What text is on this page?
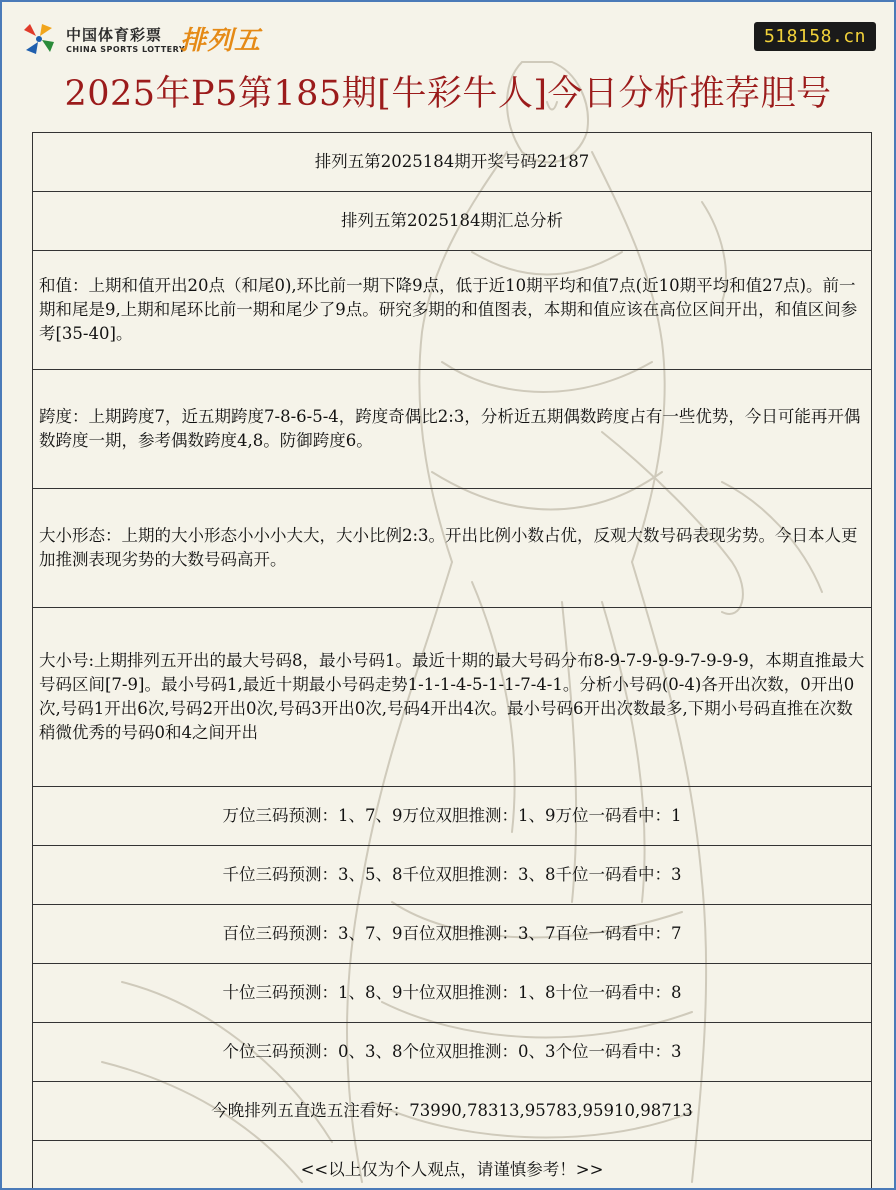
中国体育彩票
CHINA SPORTS LOTTERY
排列五	518158.cn
2025年P5第185期[牛彩牛人]今日分析推荐胆号
排列五第2025184期开奖号码22187
排列五第2025184期汇总分析
和值：上期和值开出20点（和尾0),环比前一期下降9点，低于近10期平均和值7点(近10期平均和值27点)。前一期和尾是9,上期和尾环比前一期和尾少了9点。研究多期的和值图表，本期和值应该在高位区间开出，和值区间参考[35-40]。
跨度：上期跨度7，近五期跨度7-8-6-5-4，跨度奇偶比2:3，分析近五期偶数跨度占有一些优势，今日可能再开偶数跨度一期，参考偶数跨度4,8。防御跨度6。
大小形态：上期的大小形态小小小大大，大小比例2:3。开出比例小数占优，反观大数号码表现劣势。今日本人更加推测表现劣势的大数号码高开。
大小号:上期排列五开出的最大号码8，最小号码1。最近十期的最大号码分布8-9-7-9-9-9-7-9-9-9，本期直推最大号码区间[7-9]。最小号码1,最近十期最小号码走势1-1-1-4-5-1-1-7-4-1。分析小号码(0-4)各开出次数，0开出0次,号码1开出6次,号码2开出0次,号码3开出0次,号码4开出4次。最小号码6开出次数最多,下期小号码直推在次数稍微优秀的号码0和4之间开出
万位三码预测：1、7、9万位双胆推测：1、9万位一码看中：1
千位三码预测：3、5、8千位双胆推测：3、8千位一码看中：3
百位三码预测：3、7、9百位双胆推测：3、7百位一码看中：7
十位三码预测：1、8、9十位双胆推测：1、8十位一码看中：8
个位三码预测：0、3、8个位双胆推测：0、3个位一码看中：3
今晚排列五直选五注看好：73990,78313,95783,95910,98713
<<以上仅为个人观点，请谨慎参考！>>
